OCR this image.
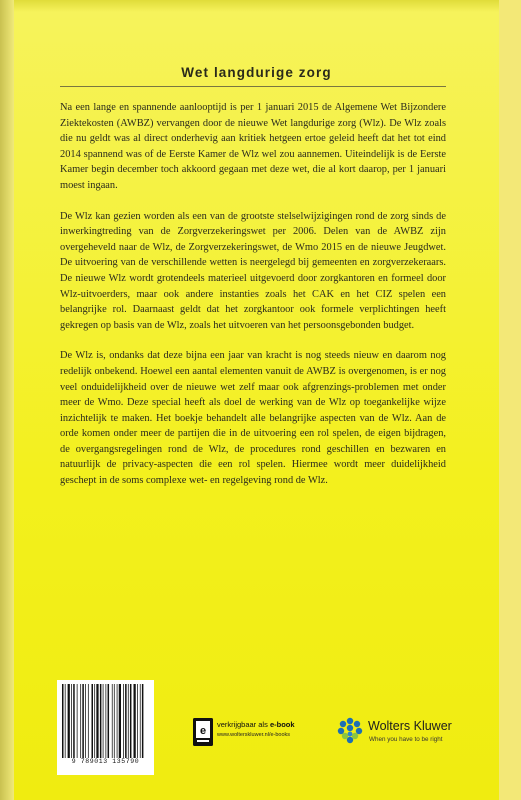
Wet langdurige zorg

Na een lange en spannende aanlooptijd is per 1 januari 2015 de Algemene Wet Bijzondere Ziektekosten (AWBZ) vervangen door de nieuwe Wet langdurige zorg (Wlz). De Wlz zoals die nu geldt was al direct onderhevig aan kritiek hetgeen ertoe geleid heeft dat het tot eind 2014 spannend was of de Eerste Kamer de Wlz wel zou aannemen. Uiteindelijk is de Eerste Kamer begin december toch akkoord gegaan met deze wet, die al kort daarop, per 1 januari moest ingaan.

De Wlz kan gezien worden als een van de grootste stelselwijzigingen rond de zorg sinds de inwerkingtreding van de Zorgverzekeringswet per 2006. Delen van de AWBZ zijn overgeheveld naar de Wlz, de Zorgverzekeringswet, de Wmo 2015 en de nieuwe Jeugdwet. De uitvoering van de verschillende wetten is neergelegd bij gemeenten en zorgverzekeraars. De nieuwe Wlz wordt grotendeels materieel uitgevoerd door zorgkantoren en formeel door Wlz-uitvoerders, maar ook andere instanties zoals het CAK en het CIZ spelen een belangrijke rol. Daarnaast geldt dat het zorgkantoor ook formele verplichtingen heeft gekregen op basis van de Wlz, zoals het uitvoeren van het persoonsgebonden budget.

De Wlz is, ondanks dat deze bijna een jaar van kracht is nog steeds nieuw en daarom nog redelijk onbekend. Hoewel een aantal elementen vanuit de AWBZ is overgenomen, is er nog veel onduidelijkheid over de nieuwe wet zelf maar ook afgrenzings-problemen met onder meer de Wmo. Deze special heeft als doel de werking van de Wlz op toegankelijke wijze inzichtelijk te maken. Het boekje behandelt alle belangrijke aspecten van de Wlz. Aan de orde komen onder meer de partijen die in de uitvoering een rol spelen, de eigen bijdragen, de overgangsregelingen rond de Wlz, de procedures rond geschillen en bezwaren en natuurlijk de privacy-aspecten die een rol spelen. Hiermee wordt meer duidelijkheid geschept in de soms complexe wet- en regelgeving rond de Wlz.

9 789013 135790
e
verkrijgbaar als e-book
www.wolterskluwer.nl/e-books
Wolters Kluwer
When you have to be right
